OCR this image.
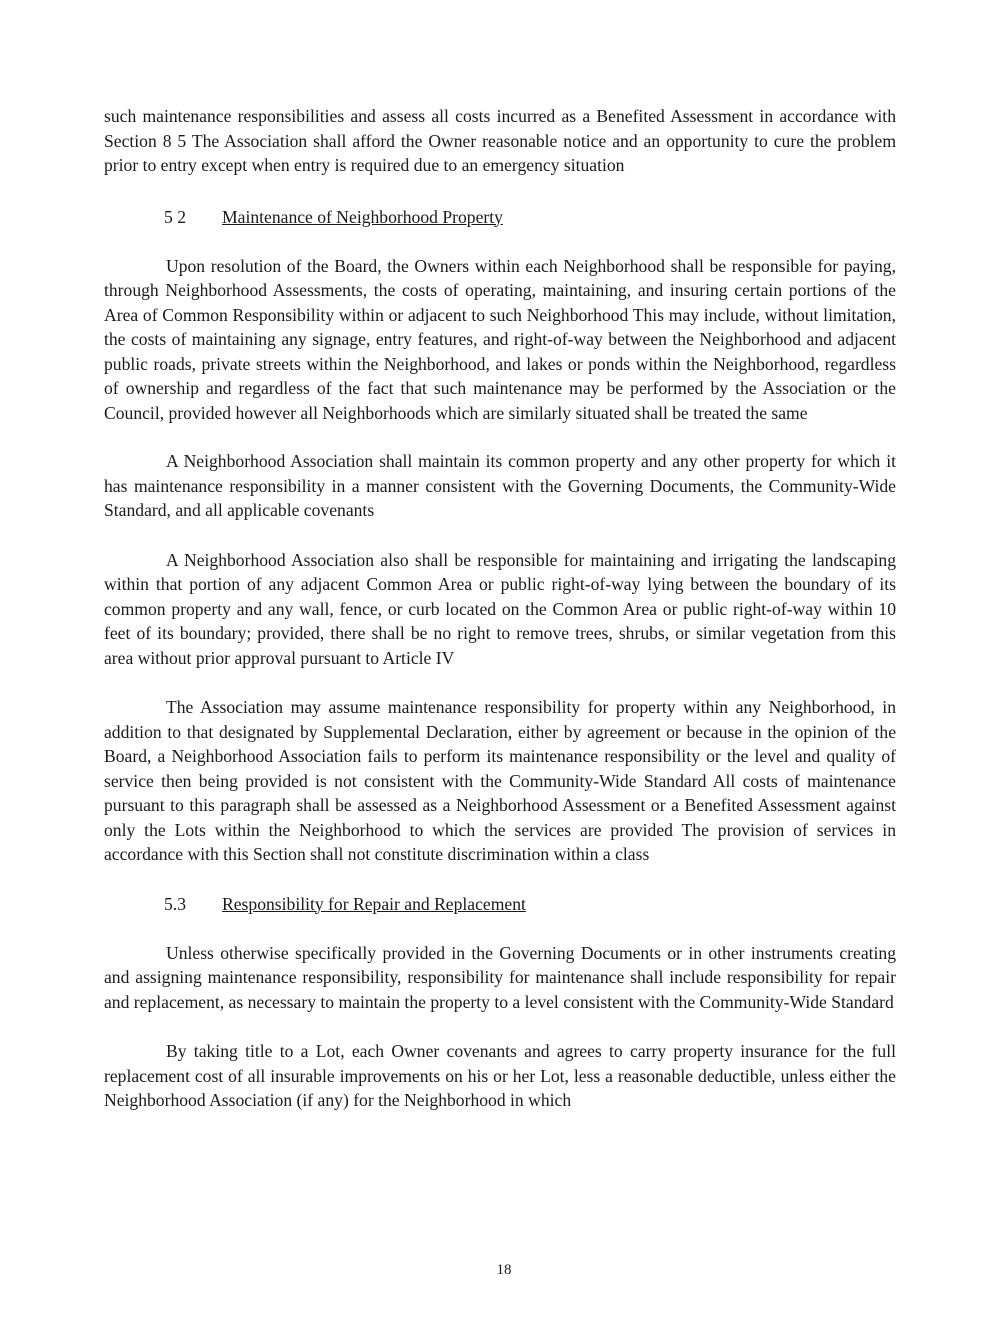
such maintenance responsibilities and assess all costs incurred as a Benefited Assessment in accordance with Section 8 5 The Association shall afford the Owner reasonable notice and an opportunity to cure the problem prior to entry except when entry is required due to an emergency situation

5 2 Maintenance of Neighborhood Property

Upon resolution of the Board, the Owners within each Neighborhood shall be responsible for paying, through Neighborhood Assessments, the costs of operating, maintaining, and insuring certain portions of the Area of Common Responsibility within or adjacent to such Neighborhood This may include, without limitation, the costs of maintaining any signage, entry features, and right-of-way between the Neighborhood and adjacent public roads, private streets within the Neighborhood, and lakes or ponds within the Neighborhood, regardless of ownership and regardless of the fact that such maintenance may be performed by the Association or the Council, provided however all Neighborhoods which are similarly situated shall be treated the same

A Neighborhood Association shall maintain its common property and any other property for which it has maintenance responsibility in a manner consistent with the Governing Documents, the Community-Wide Standard, and all applicable covenants

A Neighborhood Association also shall be responsible for maintaining and irrigating the landscaping within that portion of any adjacent Common Area or public right-of-way lying between the boundary of its common property and any wall, fence, or curb located on the Common Area or public right-of-way within 10 feet of its boundary; provided, there shall be no right to remove trees, shrubs, or similar vegetation from this area without prior approval pursuant to Article IV

The Association may assume maintenance responsibility for property within any Neighborhood, in addition to that designated by Supplemental Declaration, either by agreement or because in the opinion of the Board, a Neighborhood Association fails to perform its maintenance responsibility or the level and quality of service then being provided is not consistent with the Community-Wide Standard All costs of maintenance pursuant to this paragraph shall be assessed as a Neighborhood Assessment or a Benefited Assessment against only the Lots within the Neighborhood to which the services are provided The provision of services in accordance with this Section shall not constitute discrimination within a class

5.3 Responsibility for Repair and Replacement

Unless otherwise specifically provided in the Governing Documents or in other instruments creating and assigning maintenance responsibility, responsibility for maintenance shall include responsibility for repair and replacement, as necessary to maintain the property to a level consistent with the Community-Wide Standard

By taking title to a Lot, each Owner covenants and agrees to carry property insurance for the full replacement cost of all insurable improvements on his or her Lot, less a reasonable deductible, unless either the Neighborhood Association (if any) for the Neighborhood in which

18
